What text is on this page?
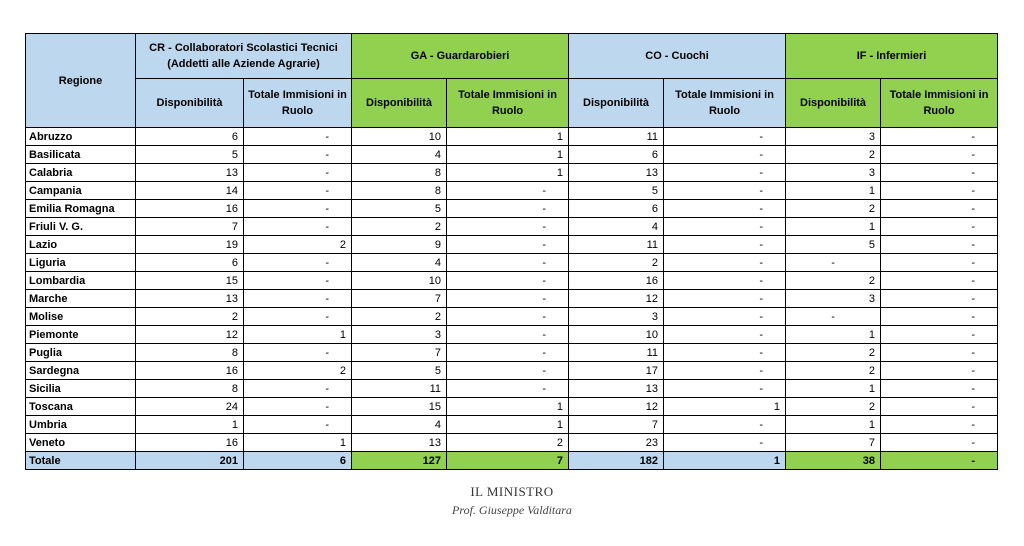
Regione	CR - Collaboratori Scolastici Tecnici (Addetti alle Aziende Agrarie)		GA - Guardarobieri		CO - Cuochi		IF - Infermieri	
	Disponibilità	Totale Immisioni in Ruolo	Disponibilità	Totale Immisioni in Ruolo	Disponibilità	Totale Immisioni in Ruolo	Disponibilità	Totale Immisioni in Ruolo
Abruzzo	6	-	10	1	11	-	3	-
Basilicata	5	-	4	1	6	-	2	-
Calabria	13	-	8	1	13	-	3	-
Campania	14	-	8	-	5	-	1	-
Emilia Romagna	16	-	5	-	6	-	2	-
Friuli V. G.	7	-	2	-	4	-	1	-
Lazio	19	2	9	-	11	-	5	-
Liguria	6	-	4	-	2	-	-	-
Lombardia	15	-	10	-	16	-	2	-
Marche	13	-	7	-	12	-	3	-
Molise	2	-	2	-	3	-	-	-
Piemonte	12	1	3	-	10	-	1	-
Puglia	8	-	7	-	11	-	2	-
Sardegna	16	2	5	-	17	-	2	-
Sicilia	8	-	11	-	13	-	1	-
Toscana	24	-	15	1	12	1	2	-
Umbria	1	-	4	1	7	-	1	-
Veneto	16	1	13	2	23	-	7	-
Totale	201	6	127	7	182	1	38	-
IL MINISTRO
Prof. Giuseppe Valditara
